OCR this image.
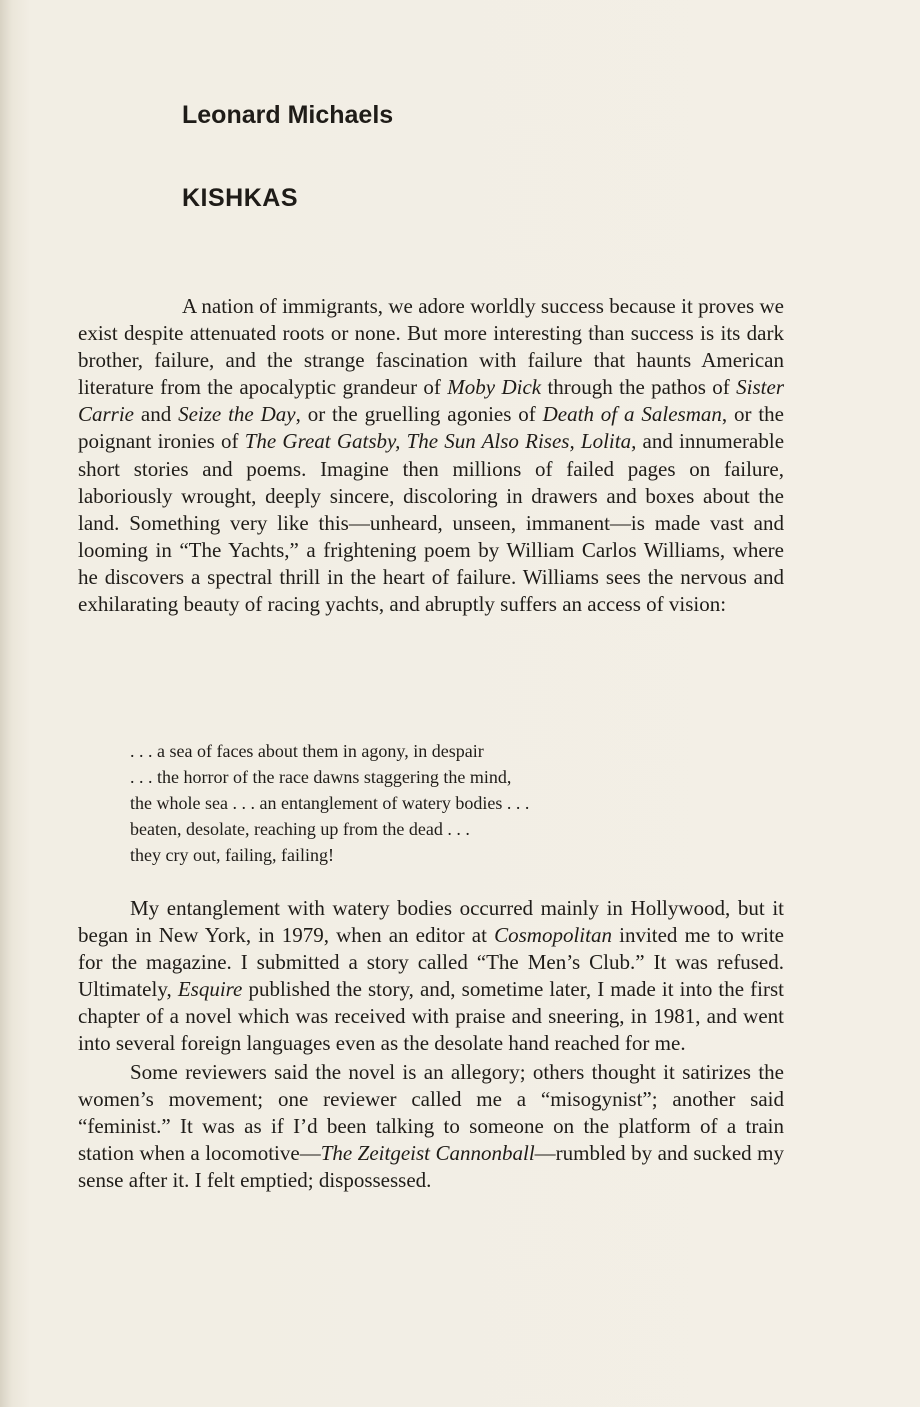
Leonard Michaels
KISHKAS

A nation of immigrants, we adore worldly success because it proves we exist despite attenuated roots or none. But more interesting than success is its dark brother, failure, and the strange fascination with failure that haunts American literature from the apocalyptic grandeur of Moby Dick through the pathos of Sister Carrie and Seize the Day, or the gruelling agonies of Death of a Salesman, or the poignant ironies of The Great Gatsby, The Sun Also Rises, Lolita, and innumerable short stories and poems. Imagine then millions of failed pages on failure, laboriously wrought, deeply sincere, discoloring in drawers and boxes about the land. Something very like this—unheard, unseen, immanent—is made vast and looming in “The Yachts,” a frightening poem by William Carlos Williams, where he discovers a spectral thrill in the heart of failure. Williams sees the nervous and exhilarating beauty of racing yachts, and abruptly suffers an access of vision:

. . . a sea of faces about them in agony, in despair
. . . the horror of the race dawns staggering the mind,
the whole sea . . . an entanglement of watery bodies . . .
beaten, desolate, reaching up from the dead . . .
they cry out, failing, failing!

My entanglement with watery bodies occurred mainly in Hollywood, but it began in New York, in 1979, when an editor at Cosmopolitan invited me to write for the magazine. I submitted a story called “The Men’s Club.” It was refused. Ultimately, Esquire published the story, and, sometime later, I made it into the first chapter of a novel which was received with praise and sneering, in 1981, and went into several foreign languages even as the desolate hand reached for me.

Some reviewers said the novel is an allegory; others thought it satirizes the women’s movement; one reviewer called me a “misogynist”; another said “feminist.” It was as if I’d been talking to someone on the platform of a train station when a locomotive—The Zeitgeist Cannonball—rumbled by and sucked my sense after it. I felt emptied; dispossessed.
